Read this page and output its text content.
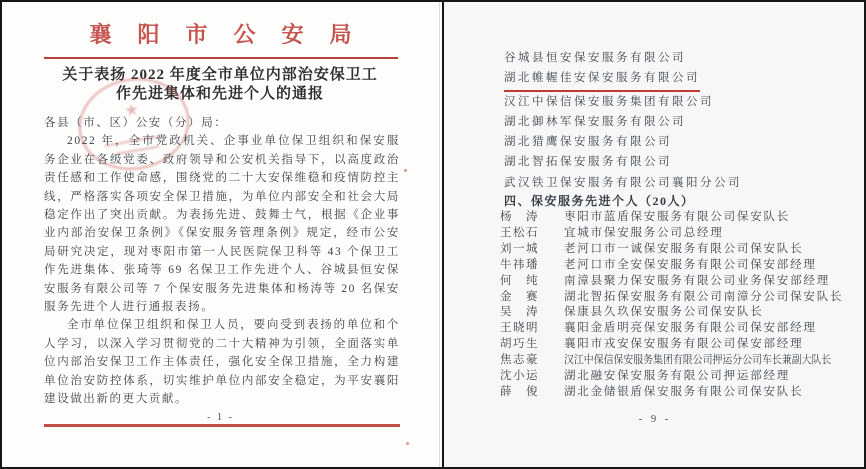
襄阳市公安局
关于表扬 2022 年度全市单位内部治安保卫工
作先进集体和先进个人的通报
★
各县（市、区）公安（分）局：

2022 年，全市党政机关、企事业单位保卫组织和保安服务企业在各级党委、政府领导和公安机关指导下，以高度政治责任感和工作使命感，围绕党的二十大安保维稳和疫情防控主线，严格落实各项安全保卫措施，为单位内部安全和社会大局稳定作出了突出贡献。为表扬先进、鼓舞士气，根据《企业事业内部治安保卫条例》《保安服务管理条例》规定，经市公安局研究决定，现对枣阳市第一人民医院保卫科等 43 个保卫工作先进集体、张琦等 69 名保卫工作先进个人、谷城县恒安保安服务有限公司等 7 个保安服务先进集体和杨涛等 20 名保安服务先进个人进行通报表扬。

全市单位保卫组织和保卫人员，要向受到表扬的单位和个人学习，以深入学习贯彻党的二十大精神为引领，全面落实单位内部治安保卫工作主体责任，强化安全保卫措施，全力构建单位治安防控体系，切实维护单位内部安全稳定，为平安襄阳建设做出新的更大贡献。

- 1 -
谷城县恒安保安服务有限公司
湖北帷幄佳安保安服务有限公司
汉江中保信保安服务集团有限公司
湖北御林军保安服务有限公司
湖北猎鹰保安服务有限公司
湖北智拓保安服务有限公司
武汉铁卫保安服务有限公司襄阳分公司
四、保安服务先进个人（20人）
杨　涛	枣阳市蓝盾保安服务有限公司保安队长
王松石	宜城市保安服务公司总经理
刘一城	老河口市一诚保安服务有限公司保安队长
牛祎璠	老河口市全安保安服务有限公司保安部经理
何　纯	南漳县聚力保安服务有限公司业务保安部经理
金　赛	湖北智拓保安服务有限公司南漳分公司保安队长
吴　涛	保康县久玖保安服务公司保安队长
王晓明	襄阳金盾明亮保安服务有限公司保安部经理
胡巧生	襄阳市戎安保安服务有限公司保安部经理
焦志豪	汉江中保信保安服务集团有限公司押运分公司车长兼副大队长
沈小运	湖北融安保安服务有限公司押运部经理
薛　俊	湖北金储银盾保安服务有限公司保安队长
- 9 -
